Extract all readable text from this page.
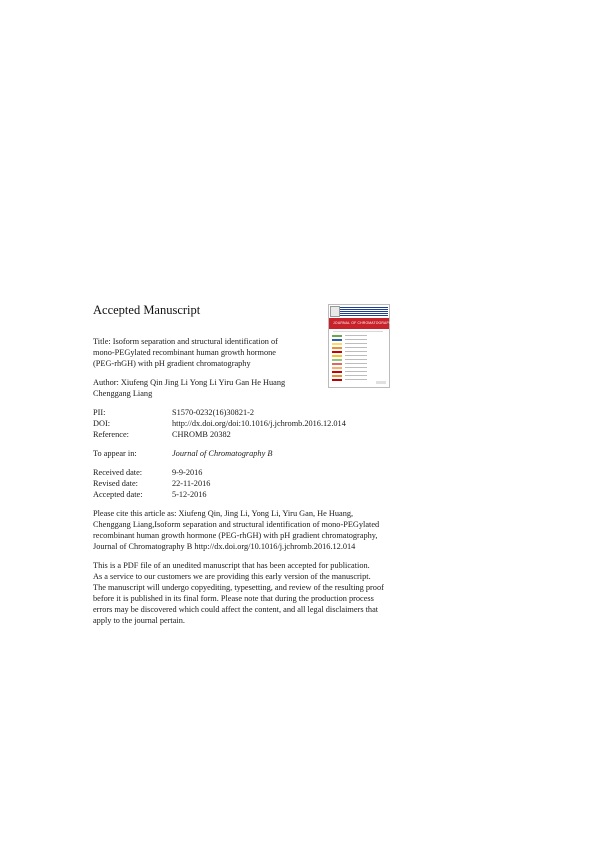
Accepted Manuscript
JOURNAL OF CHROMATOGRAPHY B
Title: Isoform separation and structural identification of
mono-PEGylated recombinant human growth hormone
(PEG-rhGH) with pH gradient chromatography
Author: Xiufeng Qin Jing Li Yong Li Yiru Gan He Huang
Chenggang Liang
PII:	S1570-0232(16)30821-2
DOI:	http://dx.doi.org/doi:10.1016/j.jchromb.2016.12.014
Reference:	CHROMB 20382
To appear in:	Journal of Chromatography B
Received date:	9-9-2016
Revised date:	22-11-2016
Accepted date:	5-12-2016
Please cite this article as: Xiufeng Qin, Jing Li, Yong Li, Yiru Gan, He Huang,
Chenggang Liang,Isoform separation and structural identification of mono-PEGylated
recombinant human growth hormone (PEG-rhGH) with pH gradient chromatography,
Journal of Chromatography B http://dx.doi.org/10.1016/j.jchromb.2016.12.014
This is a PDF file of an unedited manuscript that has been accepted for publication.
As a service to our customers we are providing this early version of the manuscript.
The manuscript will undergo copyediting, typesetting, and review of the resulting proof
before it is published in its final form. Please note that during the production process
errors may be discovered which could affect the content, and all legal disclaimers that
apply to the journal pertain.
